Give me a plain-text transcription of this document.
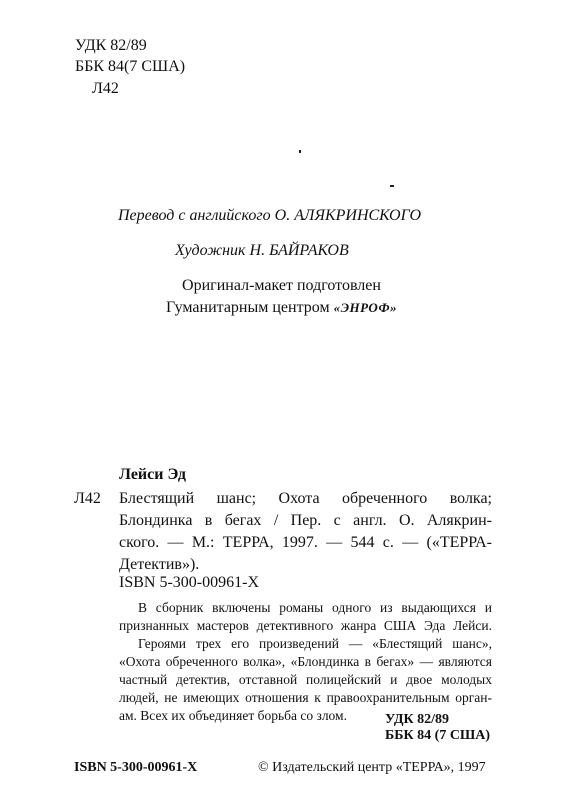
УДК 82/89
ББК 84(7 США)
Л42
Перевод с английского О. АЛЯКРИНСКОГО
Художник Н. БАЙРАКОВ
Оригинал-макет подготовлен
Гуманитарным центром «ЭНРОФ»
Лейси Эд
Л42 Блестящий шанс; Охота обреченного волка;
Блондинка в бегах / Пер. с англ. О. Алякрин-
ского. — М.: ТЕРРА, 1997. — 544 с. — («ТЕРРА-
Детектив»).
ISBN 5-300-00961-X
В сборник включены романы одного из выдающихся и
признанных мастеров детективного жанра США Эда Лейси.
Героями трех его произведений — «Блестящий шанс»,
«Охота обреченного волка», «Блондинка в бегах» — являются
частный детектив, отставной полицейский и двое молодых
людей, не имеющих отношения к правоохранительным орган-
ам. Всех их объединяет борьба со злом.	УДК 82/89
ББК 84 (7 США)
ISBN 5-300-00961-X	© Издательский центр «ТЕРРА», 1997
